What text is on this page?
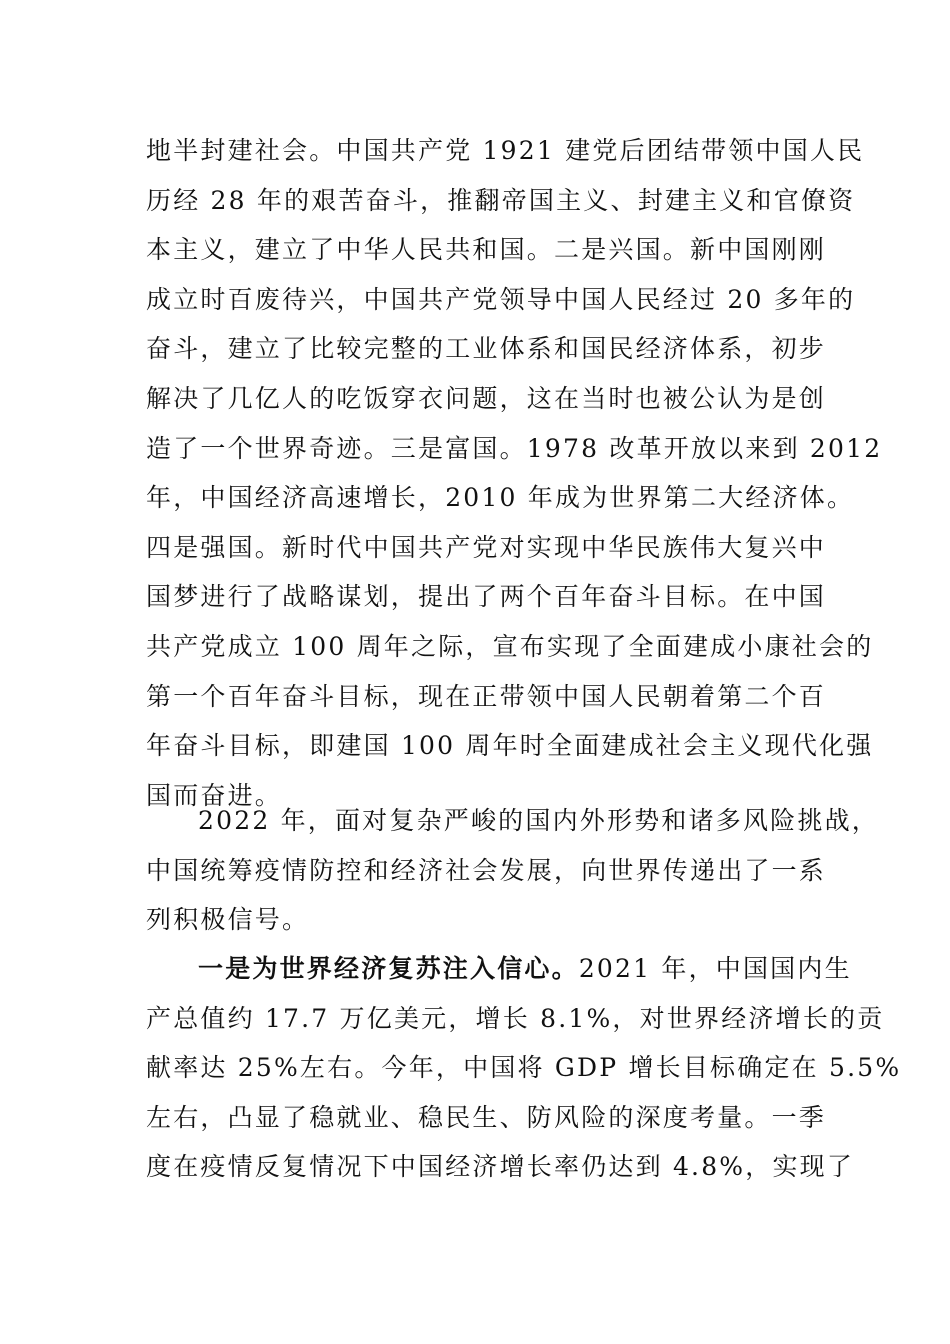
地半封建社会。中国共产党 1921 建党后团结带领中国人民
历经 28 年的艰苦奋斗，推翻帝国主义、封建主义和官僚资
本主义，建立了中华人民共和国。二是兴国。新中国刚刚
成立时百废待兴，中国共产党领导中国人民经过 20 多年的
奋斗，建立了比较完整的工业体系和国民经济体系，初步
解决了几亿人的吃饭穿衣问题，这在当时也被公认为是创
造了一个世界奇迹。三是富国。1978 改革开放以来到 2012
年，中国经济高速增长，2010 年成为世界第二大经济体。
四是强国。新时代中国共产党对实现中华民族伟大复兴中
国梦进行了战略谋划，提出了两个百年奋斗目标。在中国
共产党成立 100 周年之际，宣布实现了全面建成小康社会的
第一个百年奋斗目标，现在正带领中国人民朝着第二个百
年奋斗目标，即建国 100 周年时全面建成社会主义现代化强
国而奋进。
2022 年，面对复杂严峻的国内外形势和诸多风险挑战，
中国统筹疫情防控和经济社会发展，向世界传递出了一系
列积极信号。
一是为世界经济复苏注入信心。2021 年，中国国内生
产总值约 17.7 万亿美元，增长 8.1%，对世界经济增长的贡
献率达 25%左右。今年，中国将 GDP 增长目标确定在 5.5%
左右，凸显了稳就业、稳民生、防风险的深度考量。一季
度在疫情反复情况下中国经济增长率仍达到 4.8%，实现了
